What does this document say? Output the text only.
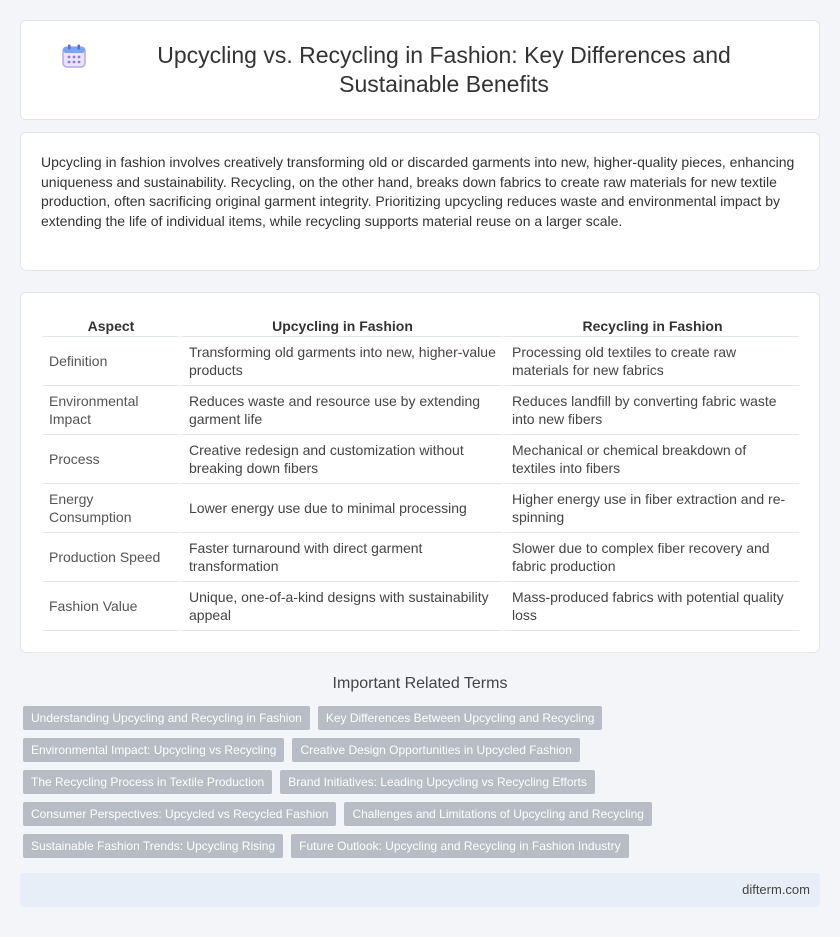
Upcycling vs. Recycling in Fashion: Key Differences and Sustainable Benefits

Upcycling in fashion involves creatively transforming old or discarded garments into new, higher-quality pieces, enhancing uniqueness and sustainability. Recycling, on the other hand, breaks down fabrics to create raw materials for new textile production, often sacrificing original garment integrity. Prioritizing upcycling reduces waste and environmental impact by extending the life of individual items, while recycling supports material reuse on a larger scale.

Aspect	Upcycling in Fashion	Recycling in Fashion
Definition	Transforming old garments into new, higher-value products	Processing old textiles to create raw materials for new fabrics
Environmental Impact	Reduces waste and resource use by extending garment life	Reduces landfill by converting fabric waste into new fibers
Process	Creative redesign and customization without breaking down fibers	Mechanical or chemical breakdown of textiles into fibers
Energy Consumption	Lower energy use due to minimal processing	Higher energy use in fiber extraction and re-spinning
Production Speed	Faster turnaround with direct garment transformation	Slower due to complex fiber recovery and fabric production
Fashion Value	Unique, one-of-a-kind designs with sustainability appeal	Mass-produced fabrics with potential quality loss
Important Related Terms
Understanding Upcycling and Recycling in Fashion	Key Differences Between Upcycling and Recycling
Environmental Impact: Upcycling vs Recycling	Creative Design Opportunities in Upcycled Fashion
The Recycling Process in Textile Production	Brand Initiatives: Leading Upcycling vs Recycling Efforts
Consumer Perspectives: Upcycled vs Recycled Fashion	Challenges and Limitations of Upcycling and Recycling
Sustainable Fashion Trends: Upcycling Rising	Future Outlook: Upcycling and Recycling in Fashion Industry
difterm.com
